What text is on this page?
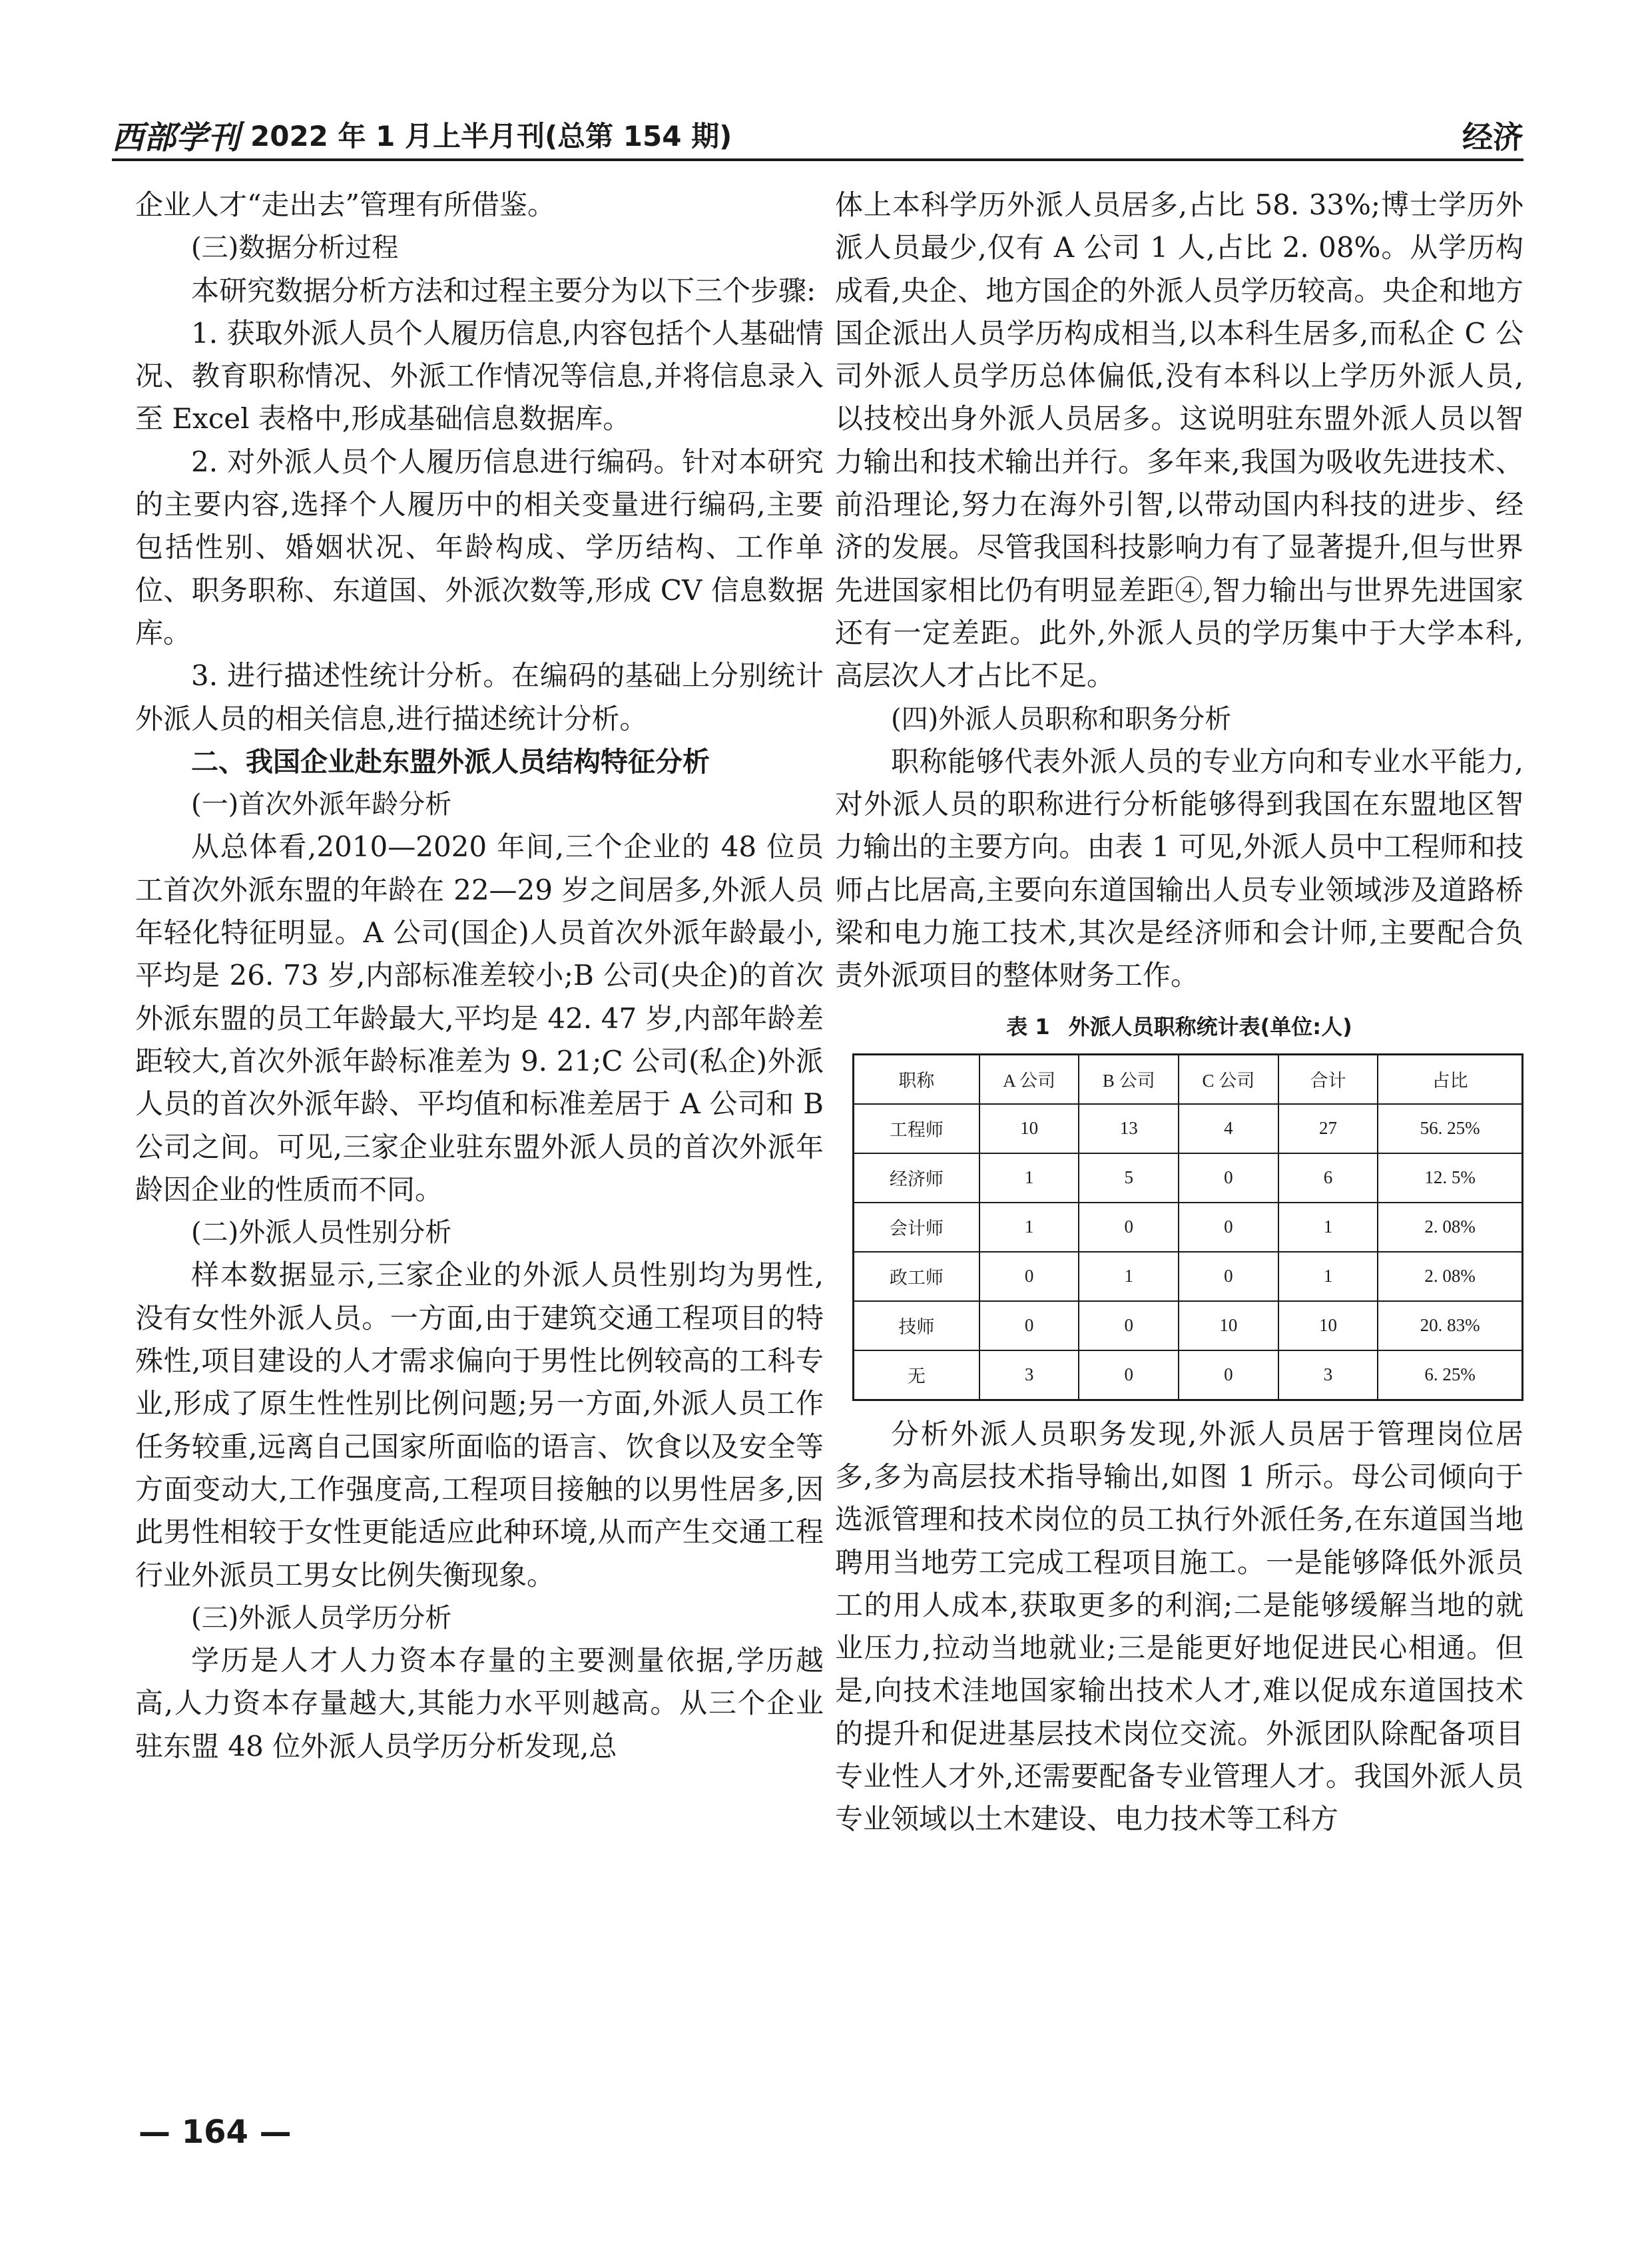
西部学刊 2022 年 1 月上半月刊(总第 154 期)	经济

企业人才“走出去”管理有所借鉴。

(三)数据分析过程

本研究数据分析方法和过程主要分为以下三个步骤:

1. 获取外派人员个人履历信息,内容包括个人基础情况、教育职称情况、外派工作情况等信息,并将信息录入至 Excel 表格中,形成基础信息数据库。

2. 对外派人员个人履历信息进行编码。针对本研究的主要内容,选择个人履历中的相关变量进行编码,主要包括性别、婚姻状况、年龄构成、学历结构、工作单位、职务职称、东道国、外派次数等,形成 CV 信息数据库。

3. 进行描述性统计分析。在编码的基础上分别统计外派人员的相关信息,进行描述统计分析。

二、我国企业赴东盟外派人员结构特征分析

(一)首次外派年龄分析

从总体看,2010—2020 年间,三个企业的 48 位员工首次外派东盟的年龄在 22—29 岁之间居多,外派人员年轻化特征明显。A 公司(国企)人员首次外派年龄最小,平均是 26. 73 岁,内部标准差较小;B 公司(央企)的首次外派东盟的员工年龄最大,平均是 42. 47 岁,内部年龄差距较大,首次外派年龄标准差为 9. 21;C 公司(私企)外派人员的首次外派年龄、平均值和标准差居于 A 公司和 B 公司之间。可见,三家企业驻东盟外派人员的首次外派年龄因企业的性质而不同。

(二)外派人员性别分析

样本数据显示,三家企业的外派人员性别均为男性,没有女性外派人员。一方面,由于建筑交通工程项目的特殊性,项目建设的人才需求偏向于男性比例较高的工科专业,形成了原生性性别比例问题;另一方面,外派人员工作任务较重,远离自己国家所面临的语言、饮食以及安全等方面变动大,工作强度高,工程项目接触的以男性居多,因此男性相较于女性更能适应此种环境,从而产生交通工程行业外派员工男女比例失衡现象。

(三)外派人员学历分析

学历是人才人力资本存量的主要测量依据,学历越高,人力资本存量越大,其能力水平则越高。从三个企业驻东盟 48 位外派人员学历分析发现,总

体上本科学历外派人员居多,占比 58. 33%;博士学历外派人员最少,仅有 A 公司 1 人,占比 2. 08%。从学历构成看,央企、地方国企的外派人员学历较高。央企和地方国企派出人员学历构成相当,以本科生居多,而私企 C 公司外派人员学历总体偏低,没有本科以上学历外派人员,以技校出身外派人员居多。这说明驻东盟外派人员以智力输出和技术输出并行。多年来,我国为吸收先进技术、前沿理论,努力在海外引智,以带动国内科技的进步、经济的发展。尽管我国科技影响力有了显著提升,但与世界先进国家相比仍有明显差距④,智力输出与世界先进国家还有一定差距。此外,外派人员的学历集中于大学本科,高层次人才占比不足。

(四)外派人员职称和职务分析

职称能够代表外派人员的专业方向和专业水平能力,对外派人员的职称进行分析能够得到我国在东盟地区智力输出的主要方向。由表 1 可见,外派人员中工程师和技师占比居高,主要向东道国输出人员专业领域涉及道路桥梁和电力施工技术,其次是经济师和会计师,主要配合负责外派项目的整体财务工作。

表 1 外派人员职称统计表(单位:人)
职称	A 公司	B 公司	C 公司	合计	占比
工程师	10	13	4	27	56. 25%
经济师	1	5	0	6	12. 5%
会计师	1	0	0	1	2. 08%
政工师	0	1	0	1	2. 08%
技师	0	0	10	10	20. 83%
无	3	0	0	3	6. 25%

分析外派人员职务发现,外派人员居于管理岗位居多,多为高层技术指导输出,如图 1 所示。母公司倾向于选派管理和技术岗位的员工执行外派任务,在东道国当地聘用当地劳工完成工程项目施工。一是能够降低外派员工的用人成本,获取更多的利润;二是能够缓解当地的就业压力,拉动当地就业;三是能更好地促进民心相通。但是,向技术洼地国家输出技术人才,难以促成东道国技术的提升和促进基层技术岗位交流。外派团队除配备项目专业性人才外,还需要配备专业管理人才。我国外派人员专业领域以土木建设、电力技术等工科方

— 164 —
